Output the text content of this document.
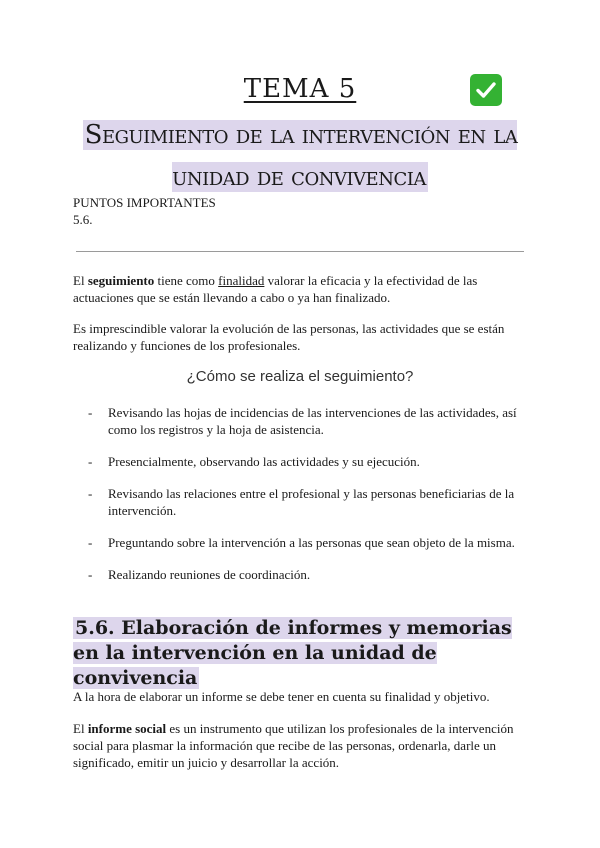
TEMA 5
Seguimiento de la intervención en la unidad de convivencia
PUNTOS IMPORTANTES
5.6.
El seguimiento tiene como finalidad valorar la eficacia y la efectividad de las actuaciones que se están llevando a cabo o ya han finalizado.
Es imprescindible valorar la evolución de las personas, las actividades que se están realizando y funciones de los profesionales.
¿Cómo se realiza el seguimiento?
- Revisando las hojas de incidencias de las intervenciones de las actividades, así como los registros y la hoja de asistencia.
- Presencialmente, observando las actividades y su ejecución.
- Revisando las relaciones entre el profesional y las personas beneficiarias de la intervención.
- Preguntando sobre la intervención a las personas que sean objeto de la misma.
- Realizando reuniones de coordinación.
5.6. Elaboración de informes y memorias en la intervención en la unidad de convivencia
A la hora de elaborar un informe se debe tener en cuenta su finalidad y objetivo.
El informe social es un instrumento que utilizan los profesionales de la intervención social para plasmar la información que recibe de las personas, ordenarla, darle un significado, emitir un juicio y desarrollar la acción.
